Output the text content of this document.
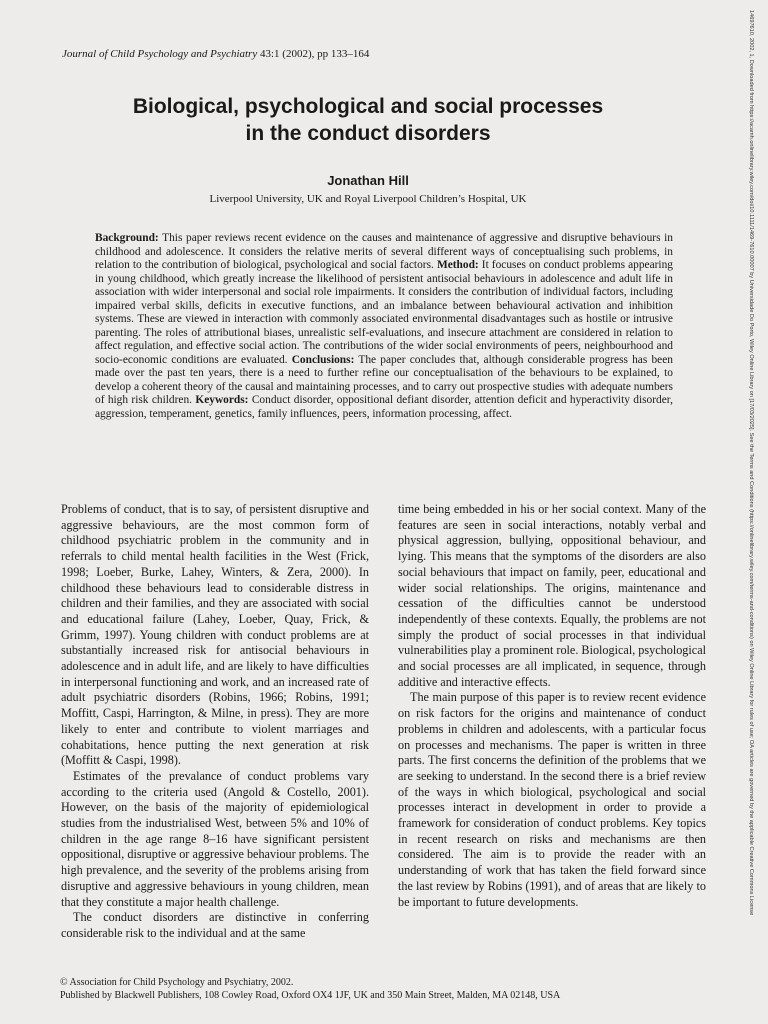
Journal of Child Psychology and Psychiatry 43:1 (2002), pp 133–164
Biological, psychological and social processes
in the conduct disorders
Jonathan Hill
Liverpool University, UK and Royal Liverpool Children’s Hospital, UK

Background: This paper reviews recent evidence on the causes and maintenance of aggressive and disruptive behaviours in childhood and adolescence. It considers the relative merits of several different ways of conceptualising such problems, in relation to the contribution of biological, psychological and social factors. Method: It focuses on conduct problems appearing in young childhood, which greatly increase the likelihood of persistent antisocial behaviours in adolescence and adult life in association with wider interpersonal and social role impairments. It considers the contribution of individual factors, including impaired verbal skills, deficits in executive functions, and an imbalance between behavioural activation and inhibition systems. These are viewed in interaction with commonly associated environmental disadvantages such as hostile or intrusive parenting. The roles of attributional biases, unrealistic self-evaluations, and insecure attachment are considered in relation to affect regulation, and effective social action. The contributions of the wider social environments of peers, neighbourhood and socio-economic conditions are evaluated. Conclusions: The paper concludes that, although considerable progress has been made over the past ten years, there is a need to further refine our conceptualisation of the behaviours to be explained, to develop a coherent theory of the causal and maintaining processes, and to carry out prospective studies with adequate numbers of high risk children. Keywords: Conduct disorder, oppositional defiant disorder, attention deficit and hyperactivity disorder, aggression, temperament, genetics, family influences, peers, information processing, affect.

Problems of conduct, that is to say, of persistent disruptive and aggressive behaviours, are the most common form of childhood psychiatric problem in the community and in referrals to child mental health facilities in the West (Frick, 1998; Loeber, Burke, Lahey, Winters, & Zera, 2000). In childhood these behaviours lead to considerable distress in children and their families, and they are associated with social and educational failure (Lahey, Loeber, Quay, Frick, & Grimm, 1997). Young children with conduct problems are at substantially increased risk for antisocial behaviours in adolescence and in adult life, and are likely to have difficulties in interpersonal functioning and work, and an increased rate of adult psychiatric disorders (Robins, 1966; Robins, 1991; Moffitt, Caspi, Harrington, & Milne, in press). They are more likely to enter and contribute to violent marriages and cohabitations, hence putting the next generation at risk (Moffitt & Caspi, 1998).

Estimates of the prevalance of conduct problems vary according to the criteria used (Angold & Costello, 2001). However, on the basis of the majority of epidemiological studies from the industrialised West, between 5% and 10% of children in the age range 8–16 have significant persistent oppositional, disruptive or aggressive behaviour problems. The high prevalence, and the severity of the problems arising from disruptive and aggressive behaviours in young children, mean that they constitute a major health challenge.

The conduct disorders are distinctive in conferring considerable risk to the individual and at the same

time being embedded in his or her social context. Many of the features are seen in social interactions, notably verbal and physical aggression, bullying, oppositional behaviour, and lying. This means that the symptoms of the disorders are also social behaviours that impact on family, peer, educational and wider social relationships. The origins, maintenance and cessation of the difficulties cannot be understood independently of these contexts. Equally, the problems are not simply the product of social processes in that individual vulnerabilities play a prominent role. Biological, psychological and social processes are all implicated, in sequence, through additive and interactive effects.

The main purpose of this paper is to review recent evidence on risk factors for the origins and maintenance of conduct problems in children and adolescents, with a particular focus on processes and mechanisms. The paper is written in three parts. The first concerns the definition of the problems that we are seeking to understand. In the second there is a brief review of the ways in which biological, psychological and social processes interact in development in order to provide a framework for consideration of conduct problems. Key topics in recent research on risks and mechanisms are then considered. The aim is to provide the reader with an understanding of work that has taken the field forward since the last review by Robins (1991), and of areas that are likely to be important to future developments.

© Association for Child Psychology and Psychiatry, 2002.
Published by Blackwell Publishers, 108 Cowley Road, Oxford OX4 1JF, UK and 350 Main Street, Malden, MA 02148, USA
14697610, 2002, 1, Downloaded from https://acamh.onlinelibrary.wiley.com/doi/10.1111/1469-7610.00007 by Universidade Do Porto, Wiley Online Library on [17/03/2025]. See the Terms and Conditions (https://onlinelibrary.wiley.com/terms-and-conditions) on Wiley Online Library for rules of use; OA articles are governed by the applicable Creative Commons License
